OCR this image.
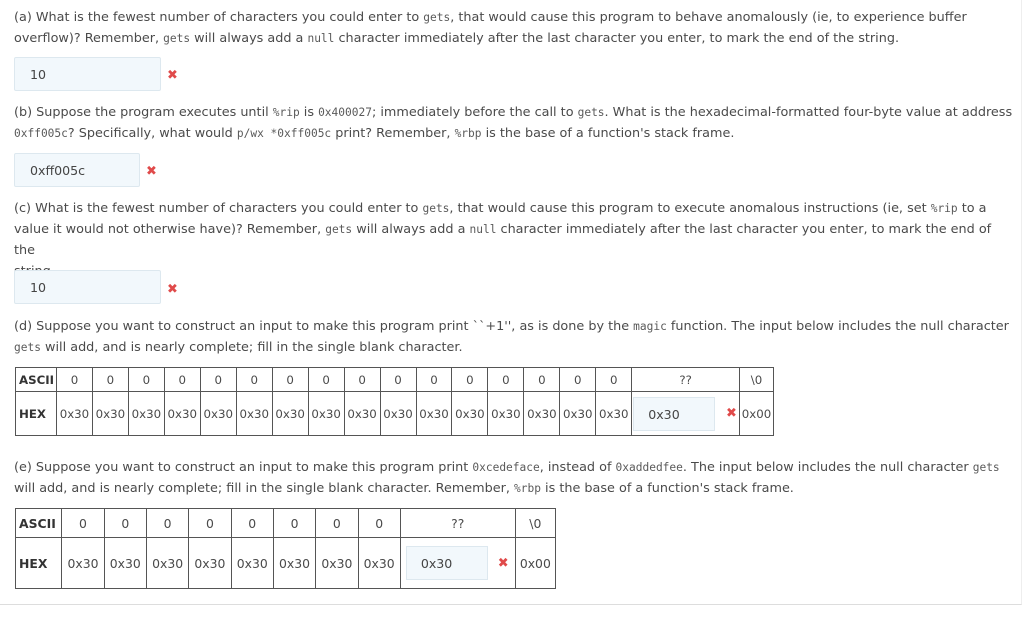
(a) What is the fewest number of characters you could enter to gets, that would cause this program to behave anomalously (ie, to experience buffer
overflow)? Remember, gets will always add a null character immediately after the last character you enter, to mark the end of the string.
10	✖
(b) Suppose the program executes until %rip is 0x400027; immediately before the call to gets. What is the hexadecimal-formatted four-byte value at address
0xff005c? Specifically, what would p/wx *0xff005c print? Remember, %rbp is the base of a function's stack frame.
0xff005c	✖
(c) What is the fewest number of characters you could enter to gets, that would cause this program to execute anomalous instructions (ie, set %rip to a
value it would not otherwise have)? Remember, gets will always add a null character immediately after the last character you enter, to mark the end of the

10	✖
(d) Suppose you want to construct an input to make this program print ``+1'', as is done by the magic function. The input below includes the null character
gets will add, and is nearly complete; fill in the single blank character.
ASCII	0	0	0	0	0	0	0	0	0	0	0	0	0	0	0	0	??	\0
HEX	0x30	0x30	0x30	0x30	0x30	0x30	0x30	0x30	0x30	0x30	0x30	0x30	0x30	0x30	0x30	0x30	0x30 ✖	0x00
(e) Suppose you want to construct an input to make this program print 0xcedeface, instead of 0xaddedfee. The input below includes the null character gets
will add, and is nearly complete; fill in the single blank character. Remember, %rbp is the base of a function's stack frame.
ASCII	0	0	0	0	0	0	0	0	??	\0
HEX	0x30	0x30	0x30	0x30	0x30	0x30	0x30	0x30	0x30 ✖	0x00
